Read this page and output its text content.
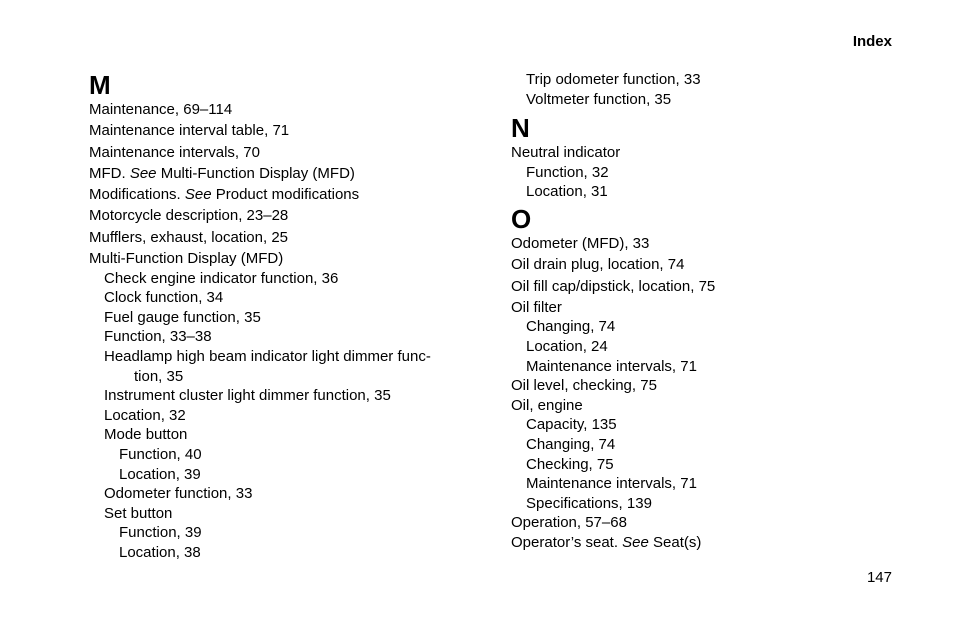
Index
M
Maintenance, 69–114
Maintenance interval table, 71
Maintenance intervals, 70
MFD. See Multi‑Function Display (MFD)
Modifications. See Product modifications
Motorcycle description, 23–28
Mufflers, exhaust, location, 25
Multi‑Function Display (MFD)
Check engine indicator function, 36
Clock function, 34
Fuel gauge function, 35
Function, 33–38
Headlamp high beam indicator light dimmer func-
tion, 35
Instrument cluster light dimmer function, 35
Location, 32
Mode button
Function, 40
Location, 39
Odometer function, 33
Set button
Function, 39
Location, 38
Trip odometer function, 33
Voltmeter function, 35
N
Neutral indicator
Function, 32
Location, 31
O
Odometer (MFD), 33
Oil drain plug, location, 74
Oil fill cap/dipstick, location, 75
Oil filter
Changing, 74
Location, 24
Maintenance intervals, 71
Oil level, checking, 75
Oil, engine
Capacity, 135
Changing, 74
Checking, 75
Maintenance intervals, 71
Specifications, 139
Operation, 57–68
Operator’s seat. See Seat(s)
147
